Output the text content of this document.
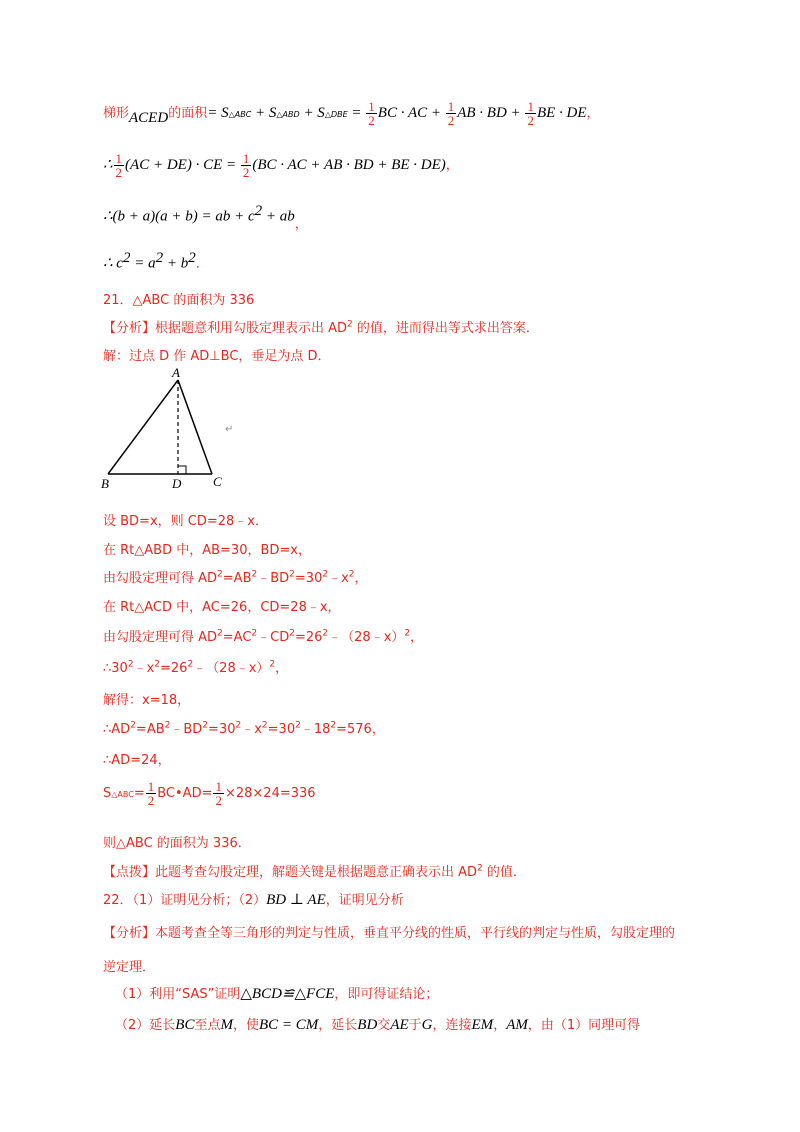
梯形ACED的面积= S△ABC + S△ABD + S△DBE = $\frac{1}{2}$ BC · AC + $\frac{1}{2}$ AB · BD + $\frac{1}{2}$ BE · DE，
∴ $\frac{1}{2} (AC + DE)$ · CE = $\frac{1}{2} (BC$ · AC + AB · BD + BE · DE)，
∴(b + a)(a + b) = ab + $c^2$ + ab，
∴ $c^2 = a^2 + b^2$．
21．△ABC 的面积为 336
【分析】根据题意利用勾股定理表示出 $AD^2$ 的值，进而得出等式求出答案．
解：过点 D 作 AD⊥BC，垂足为点 D．
A
B	D C
↵
设 BD=x，则 CD=28﹣x．
在 Rt△ABD 中，AB=30，BD=x，
由勾股定理可得 $AD^2=AB^2﹣BD^2=30^2﹣x^2$，
在 Rt△ACD 中，AC=26，CD=28﹣x，
由勾股定理可得 $AD^2=AC^2﹣CD^2=26^2﹣(28﹣x)^2$，
$\therefore 30^2﹣x^2=26^2﹣(28﹣x)^2$，
解得：x=18，
$\therefore AD^2=AB^2﹣BD^2=30^2﹣x^2=30^2﹣18^2=576$，
∴AD=24，
S△ABC= $\frac{1}{2}$ BC•AD= $\frac{1}{2} \times 28\times 24=336$
则△ABC 的面积为 336．
【点拨】此题考查勾股定理，解题关键是根据题意正确表示出 $AD^2$ 的值．
22．（1）证明见分析；（2）BD ⊥ AE，证明见分析
【分析】本题考查全等三角形的判定与性质，垂直平分线的性质，平行线的判定与性质，勾股定理的
逆定理．
（1）利用“SAS”证明△BCD≌△FCE，即可得证结论；
（2）延长BC至点M，使BC = CM，延长BD交AE于G，连接EM，AM，由（1）同理可得
